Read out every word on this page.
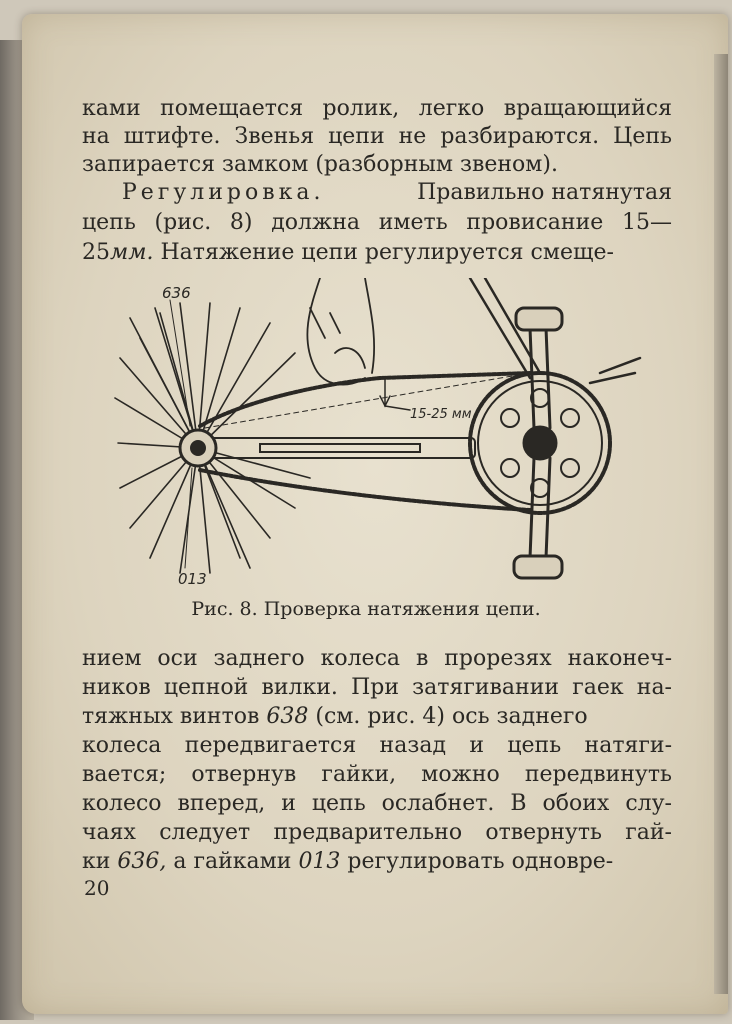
ками помещается ролик, легко вращающийся
на штифте. Звенья цепи не разбираются. Цепь
запирается замком (разборным звеном).
Регулировка.	Правильно натянутая
цепь (рис. 8) должна иметь провисание 15—
25 мм. Натяжение цепи регулируется смеще-
636
013
15-25 мм
Рис. 8. Проверка натяжения цепи.
нием оси заднего колеса в прорезях наконеч-
ников цепной вилки. При затягивании гаек на-
тяжных винтов 638 (см. рис. 4) ось заднего
колеса передвигается назад и цепь натяги-
вается; отвернув гайки, можно передвинуть
колесо вперед, и цепь ослабнет. В обоих слу-
чаях следует предварительно отвернуть гай-
ки 636, а гайками 013 регулировать одновре-
20
